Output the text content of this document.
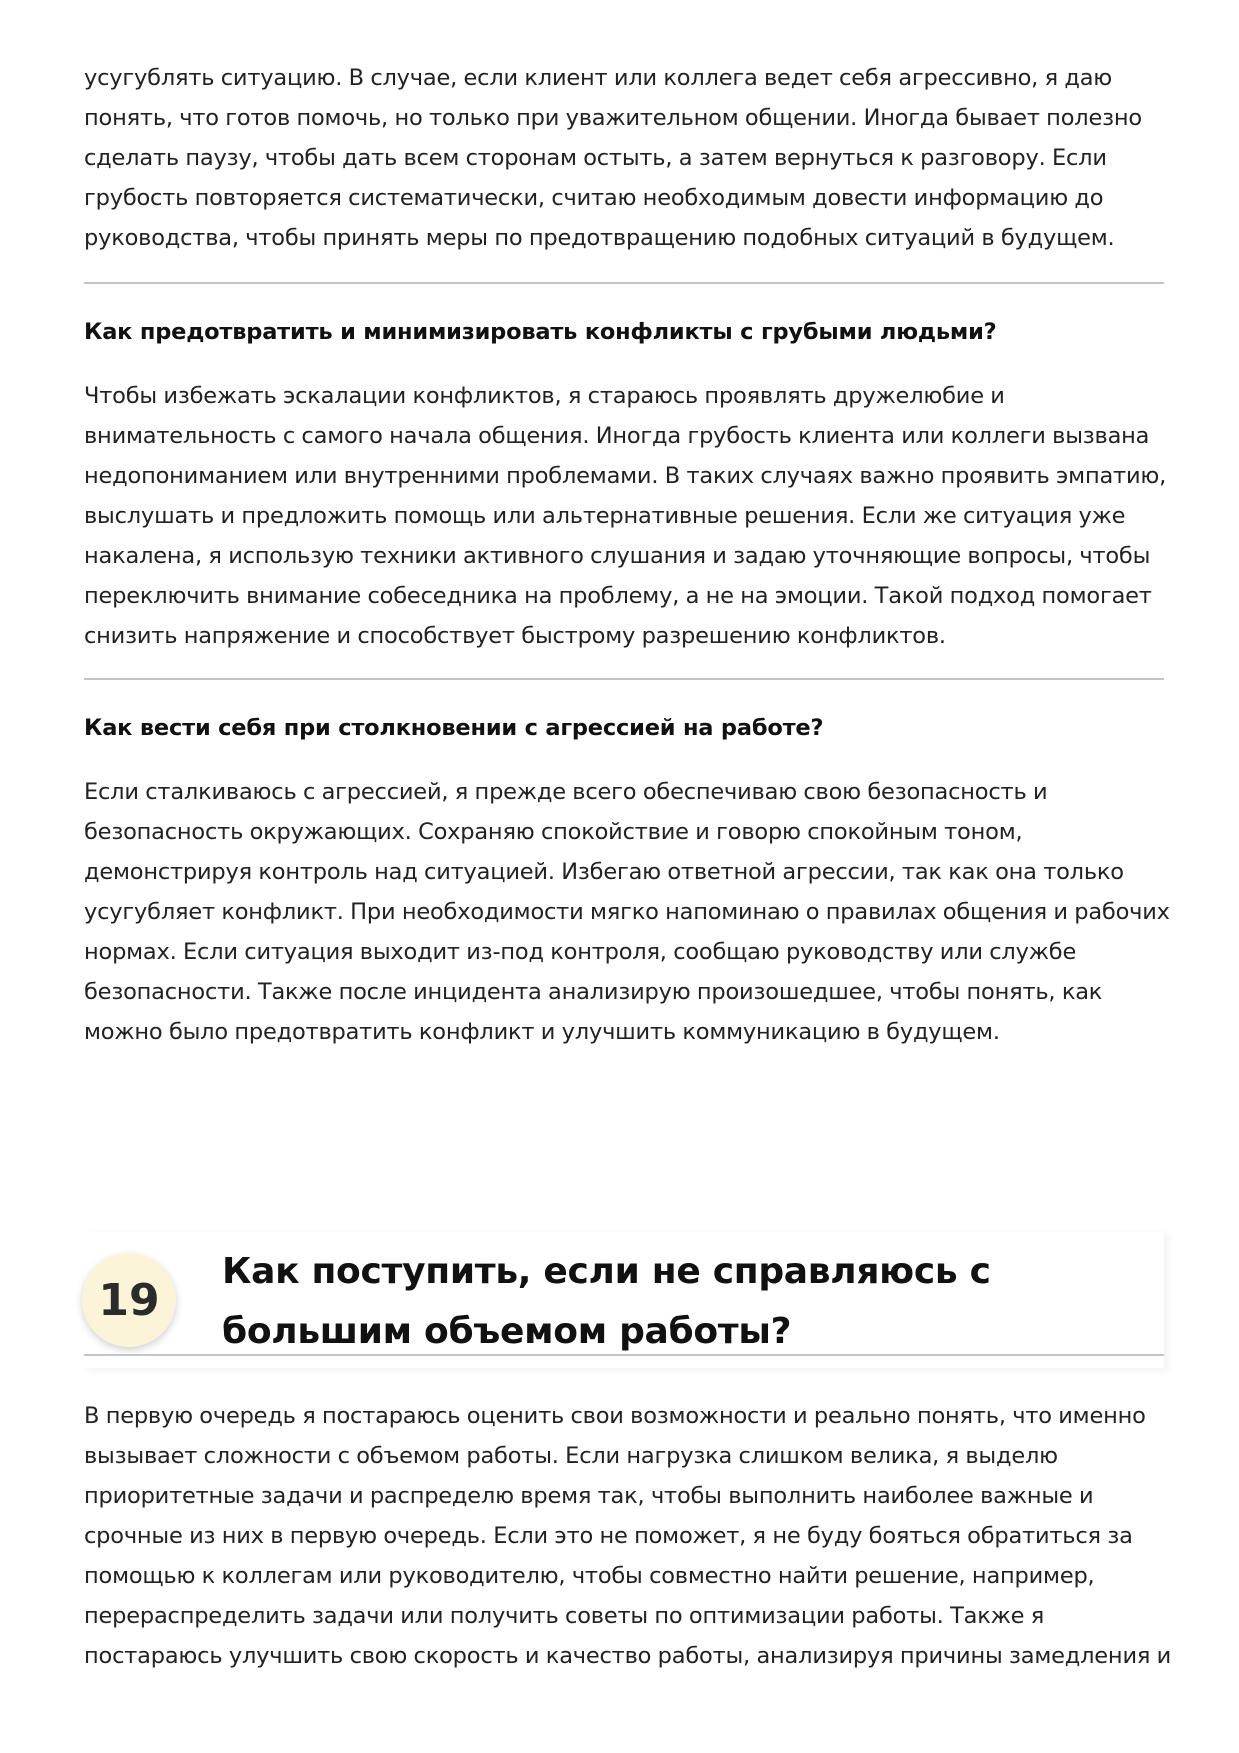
усугублять ситуацию. В случае, если клиент или коллега ведет себя агрессивно, я даю понять, что готов помочь, но только при уважительном общении. Иногда бывает полезно сделать паузу, чтобы дать всем сторонам остыть, а затем вернуться к разговору. Если грубость повторяется систематически, считаю необходимым довести информацию до руководства, чтобы принять меры по предотвращению подобных ситуаций в будущем.

Как предотвратить и минимизировать конфликты с грубыми людьми?

Чтобы избежать эскалации конфликтов, я стараюсь проявлять дружелюбие и внимательность с самого начала общения. Иногда грубость клиента или коллеги вызвана недопониманием или внутренними проблемами. В таких случаях важно проявить эмпатию, выслушать и предложить помощь или альтернативные решения. Если же ситуация уже накалена, я использую техники активного слушания и задаю уточняющие вопросы, чтобы переключить внимание собеседника на проблему, а не на эмоции. Такой подход помогает снизить напряжение и способствует быстрому разрешению конфликтов.

Как вести себя при столкновении с агрессией на работе?

Если сталкиваюсь с агрессией, я прежде всего обеспечиваю свою безопасность и безопасность окружающих. Сохраняю спокойствие и говорю спокойным тоном, демонстрируя контроль над ситуацией. Избегаю ответной агрессии, так как она только усугубляет конфликт. При необходимости мягко напоминаю о правилах общения и рабочих нормах. Если ситуация выходит из-под контроля, сообщаю руководству или службе безопасности. Также после инцидента анализирую произошедшее, чтобы понять, как можно было предотвратить конфликт и улучшить коммуникацию в будущем.

19
Как поступить, если не справляюсь с большим объемом работы?

В первую очередь я постараюсь оценить свои возможности и реально понять, что именно вызывает сложности с объемом работы. Если нагрузка слишком велика, я выделю приоритетные задачи и распределю время так, чтобы выполнить наиболее важные и срочные из них в первую очередь. Если это не поможет, я не буду бояться обратиться за помощью к коллегам или руководителю, чтобы совместно найти решение, например, перераспределить задачи или получить советы по оптимизации работы. Также я постараюсь улучшить свою скорость и качество работы, анализируя причины замедления и
